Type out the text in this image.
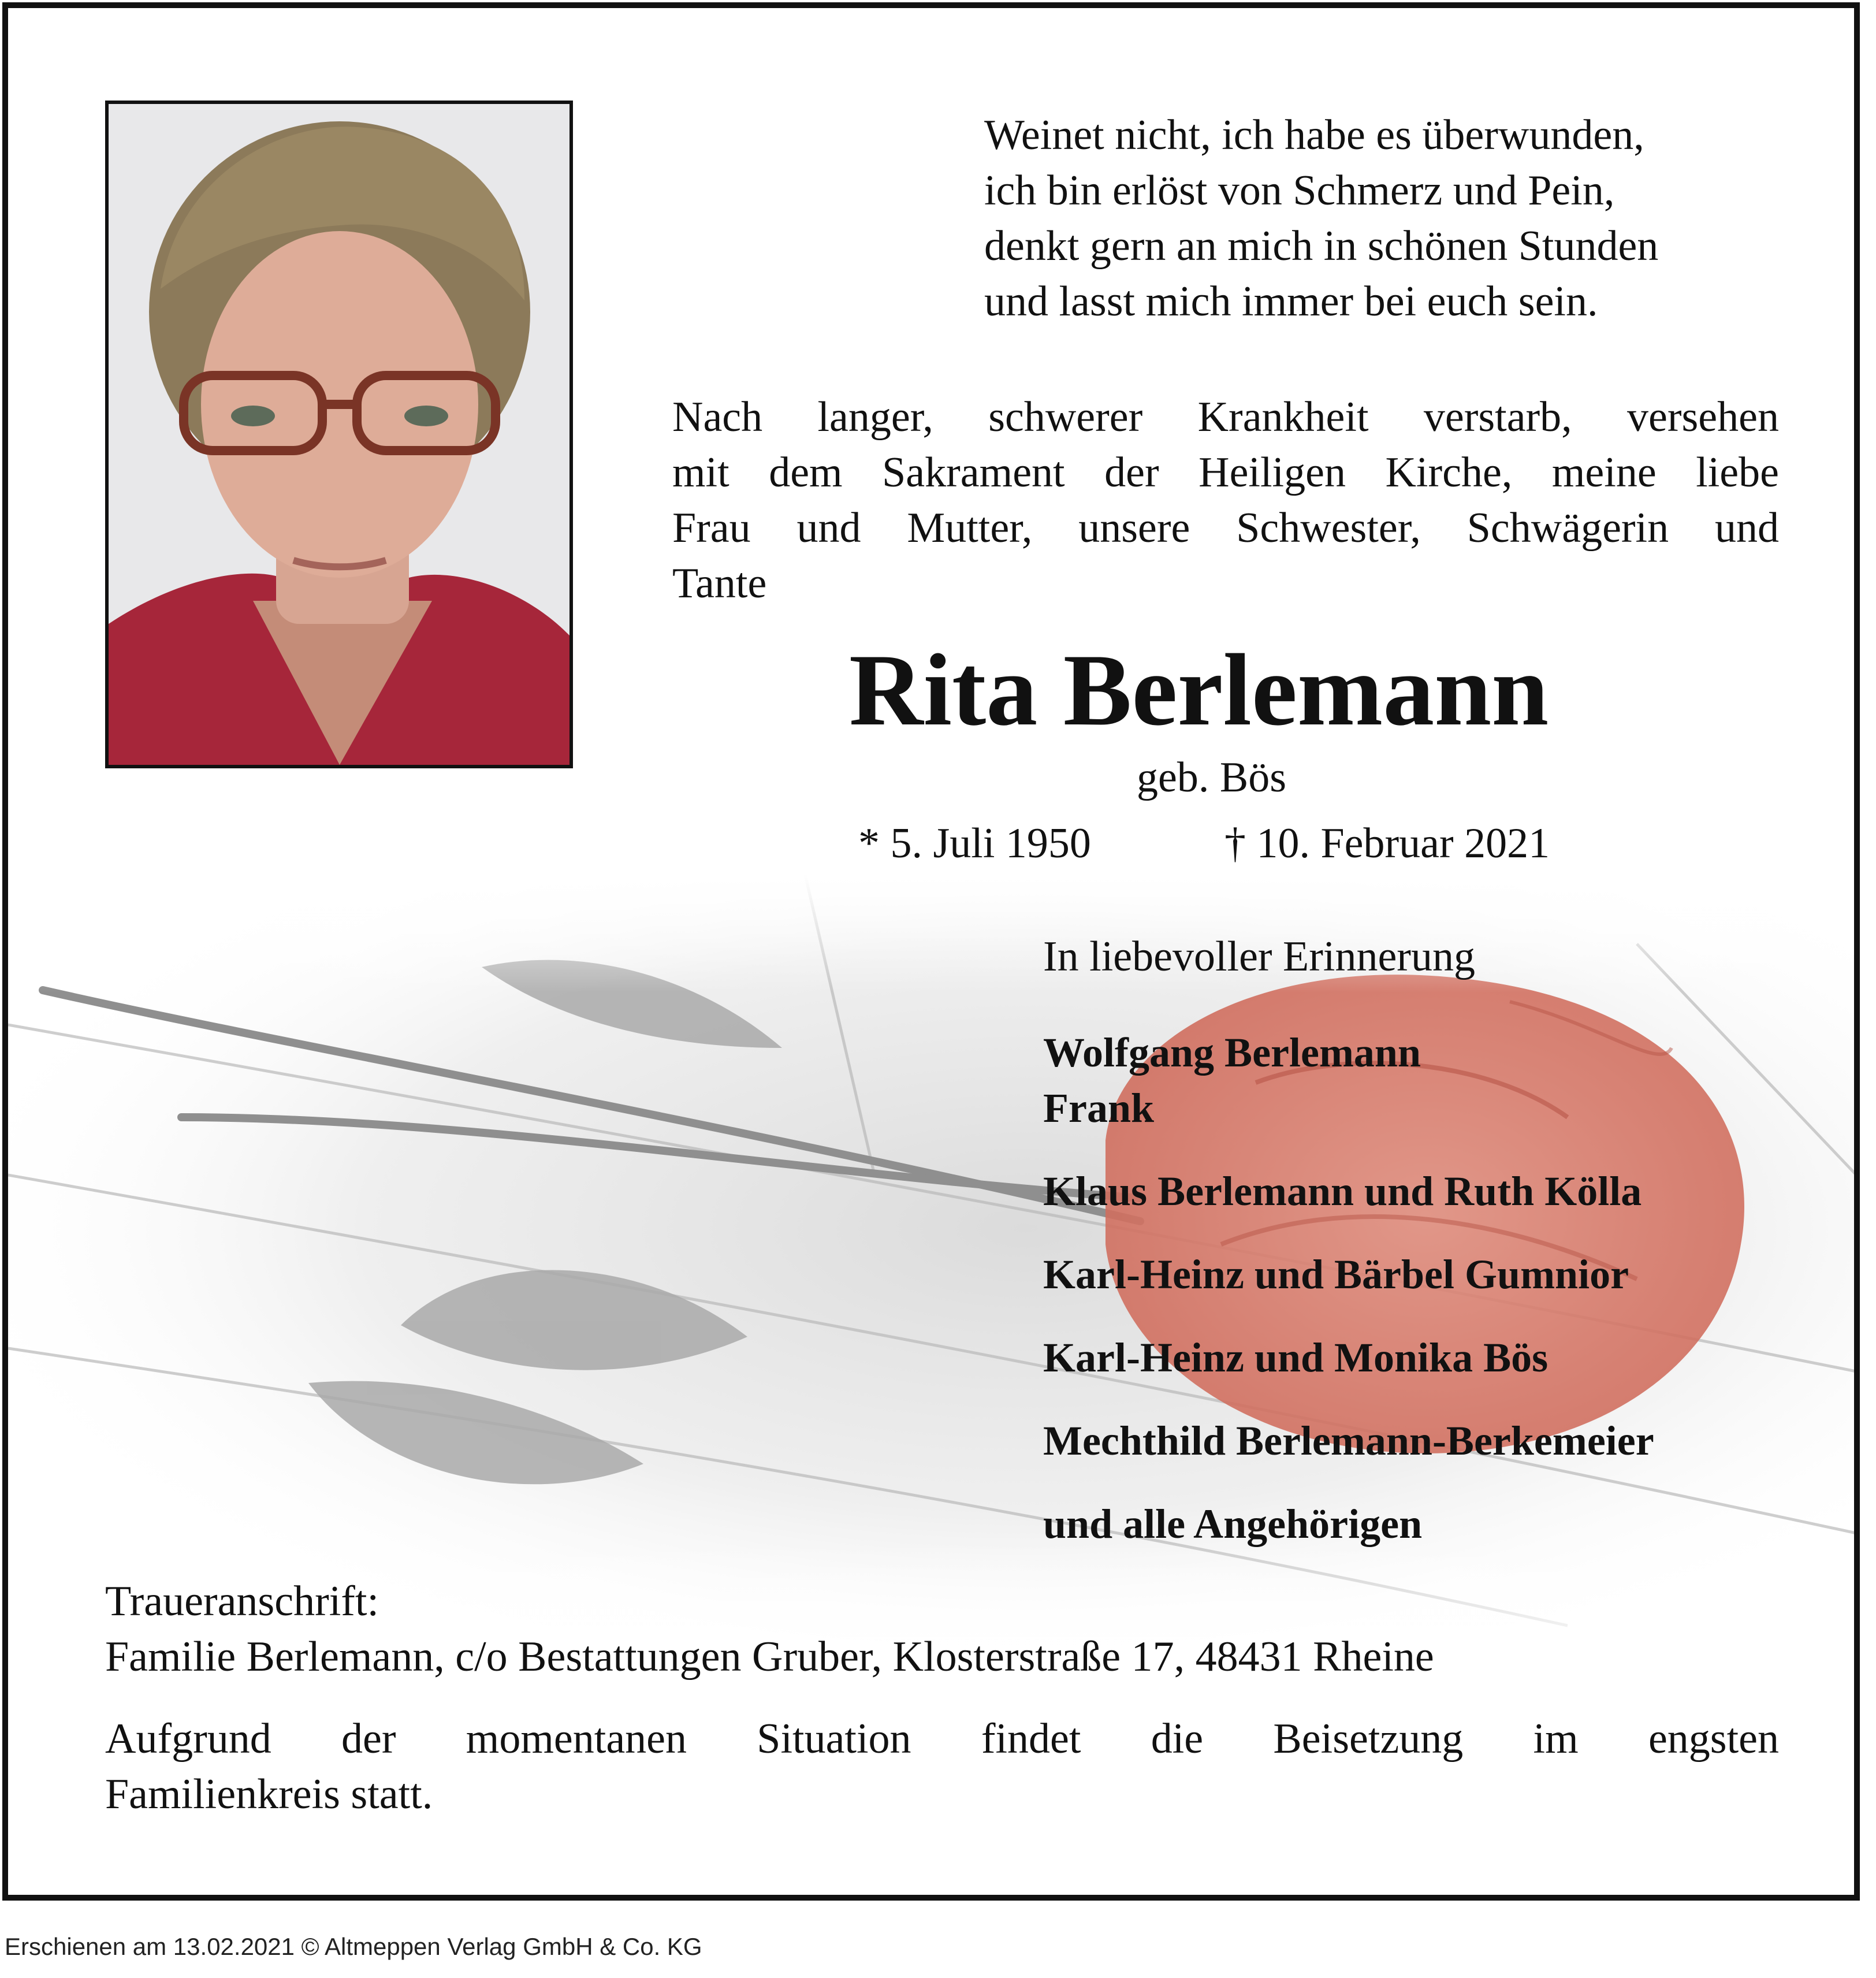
Weinet nicht, ich habe es überwunden,
ich bin erlöst von Schmerz und Pein,
denkt gern an mich in schönen Stunden
und lasst mich immer bei euch sein.
Nach langer, schwerer Krankheit verstarb, versehen
mit dem Sakrament der Heiligen Kirche, meine liebe
Frau und Mutter, unsere Schwester, Schwägerin und
Tante
Rita Berlemann
geb. Bös
* 5. Juli 1950	† 10. Februar 2021
In liebevoller Erinnerung
Wolfgang Berlemann
Frank
Klaus Berlemann und Ruth Kölla
Karl-Heinz und Bärbel Gumnior
Karl-Heinz und Monika Bös
Mechthild Berlemann-Berkemeier
und alle Angehörigen
Traueranschrift:
Familie Berlemann, c/o Bestattungen Gruber, Klosterstraße 17, 48431 Rheine
Aufgrund der momentanen Situation findet die Beisetzung im engsten
Familienkreis statt.
Erschienen am 13.02.2021 © Altmeppen Verlag GmbH & Co. KG
